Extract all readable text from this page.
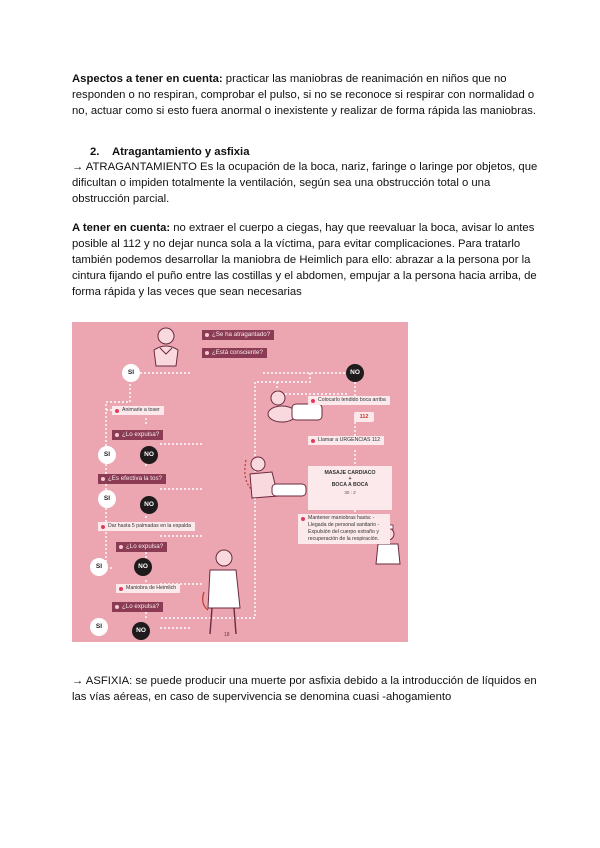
Aspectos a tener en cuenta: practicar las maniobras de reanimación en niños que no responden o no respiran, comprobar el pulso, si no se reconoce si respirar con normalidad o no, actuar como si esto fuera anormal o inexistente y realizar de forma rápida las maniobras.
2. Atragantamiento y asfixia
→ ATRAGANTAMIENTO Es la ocupación de la boca, nariz, faringe o laringe por objetos, que dificultan o impiden totalmente la ventilación, según sea una obstrucción total o una obstrucción parcial.
A tener en cuenta: no extraer el cuerpo a ciegas, hay que reevaluar la boca, avisar lo antes posible al 112 y no dejar nunca sola a la víctima, para evitar complicaciones. Para tratarlo también podemos desarrollar la maniobra de Heimlich para ello: abrazar a la persona por la cintura fijando el puño entre las costillas y el abdomen, empujar a la persona hacia arriba, de forma rápida y las veces que sean necesarias
¿Se ha atragantado?
¿Está consciente?
SI	NO
Animarle a toser
¿Lo expulsa?
SI	NO
¿Es efectiva la tos?
SI
NO
Dar hasta 5 palmadas en la espalda
¿Lo expulsa?
SI	NO
Maniobra de Heimlich
¿Lo expulsa?
SI
NO
Colocarlo tendido boca arriba
Llamar a URGENCIAS 112
112
MASAJE CARDIACO
+
BOCA A BOCA
30 : 2
Mantener maniobras hasta: - Llegada de personal sanitario - Expulsión del cuerpo extraño y recuperación de la respiración.
18
→ ASFIXIA: se puede producir una muerte por asfixia debido a la introducción de líquidos en las vías aéreas, en caso de supervivencia se denomina cuasi -ahogamiento
